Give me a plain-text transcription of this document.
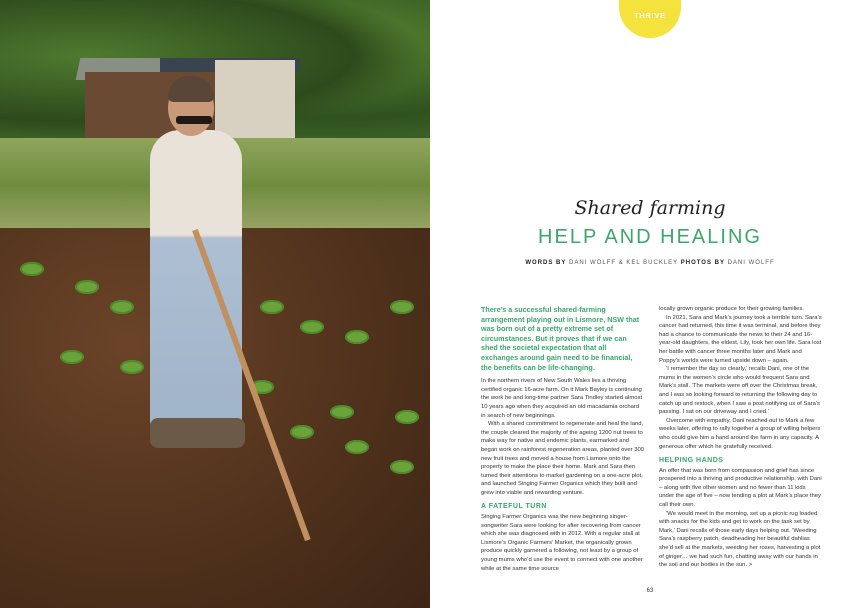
THRIVE
Shared farming
HELP AND HEALING
WORDS BY DANI WOLFF & KEL BUCKLEY PHOTOS BY DANI WOLFF

There’s a successful shared-farming arrangement playing out in Lismore, NSW that was born out of a pretty extreme set of circumstances. But it proves that if we can shed the societal expectation that all exchanges around gain need to be financial, the benefits can be life-changing.

In the northern rivers of New South Wales lies a thriving certified organic 16-acre farm. On it Mark Bayley is continuing the work he and long-time partner Sara Tindley started almost 10 years ago when they acquired an old macadamia orchard in search of new beginnings.

With a shared commitment to regenerate and heal the land, the couple cleared the majority of the ageing 1200 nut trees to make way for native and endemic plants, earmarked and began work on rainforest regeneration areas, planted over 300 new fruit trees and moved a house from Lismore onto the property to make the place their home. Mark and Sara then turned their attentions to market gardening on a one-acre plot, and launched Singing Farmer Organics which they built and grew into viable and rewarding venture.

A FATEFUL TURN

Singing Farmer Organics was the new beginning singer-songwriter Sara were looking for after recovering from cancer which she was diagnosed with in 2012. With a regular stall at Lismore’s Organic Farmers’ Market, the organically grown produce quickly garnered a following, not least by a group of young mums who’d use the event to connect with one another while at the same time source

locally grown organic produce for their growing families.

In 2021, Sara and Mark’s journey took a terrible turn. Sara’s cancer had returned, this time it was terminal, and before they had a chance to communicate the news to their 24 and 16-year-old daughters, the eldest, Lily, took her own life. Sara lost her battle with cancer three months later and Mark and Poppy’s worlds were turned upside down – again.

‘I remember the day so clearly,’ recalls Dani, one of the mums in the women’s circle who would frequent Sara and Mark’s stall. ‘The markets were off over the Christmas break, and I was so looking forward to returning the following day to catch up and restock, when I saw a post notifying us of Sara’s passing. I sat on our driveway and I cried.’

Overcome with empathy, Dani reached out to Mark a few weeks later, offering to rally together a group of willing helpers who could give him a hand around the farm in any capacity. A generous offer which he gratefully received.

HELPING HANDS

An offer that was born from compassion and grief has since prospered into a thriving and productive relationship, with Dani – along with five other women and no fewer than 11 kids under the age of five – now tending a plot at Mark’s place they call their own.

‘We would meet in the morning, set up a picnic rug loaded with snacks for the kids and get to work on the task set by Mark,’ Dani recalls of those early days helping out. ‘Weeding Sara’s raspberry patch, deadheading her beautiful dahlias she’d sell at the markets, weeding her roses, harvesting a plot of ginger… we had such fun, chatting away with our hands in the soil and our bodies in the sun. >

63
